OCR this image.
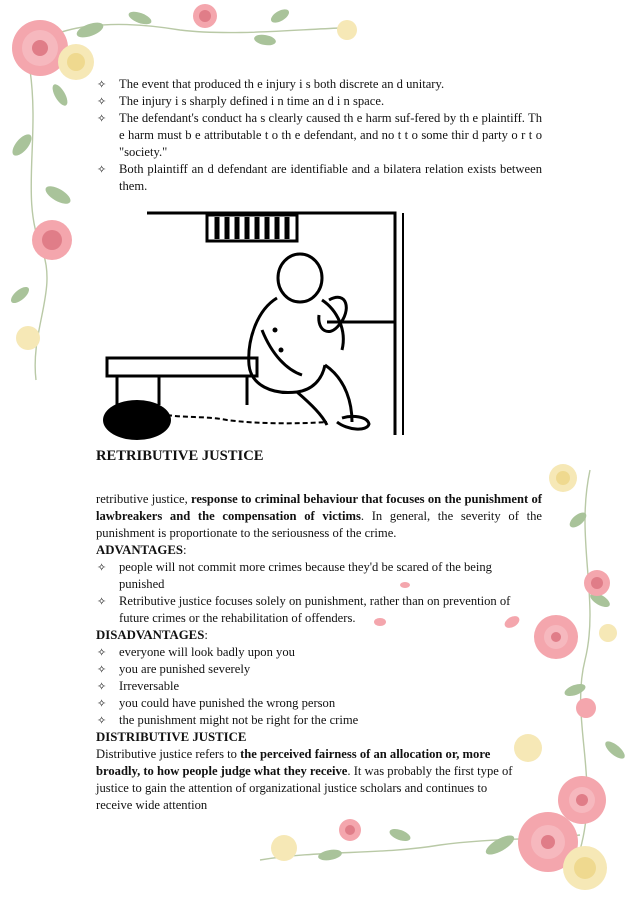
✧ The event that produced th e injury i s both discrete an d unitary.
✧ The injury i s sharply defined i n time an d i n space.
✧ The defendant's conduct ha s clearly caused th e harm suf-fered by th e plaintiff. Th e harm must b e attributable t o th e defendant, and no t t o some thir d party o r t o "society."
✧ Both plaintiff an d defendant are identifiable and a bilatera relation exists between them.

RETRIBUTIVE JUSTICE

retributive justice, response to criminal behaviour that focuses on the punishment of lawbreakers and the compensation of victims. In general, the severity of the punishment is proportionate to the seriousness of the crime.

ADVANTAGES:

✧ people will not commit more crimes because they'd be scared of the being punished
✧ Retributive justice focuses solely on punishment, rather than on prevention of future crimes or the rehabilitation of offenders.

DISADVANTAGES:

✧ everyone will look badly upon you
✧ you are punished severely
✧ Irreversable
✧ you could have punished the wrong person
✧ the punishment might not be right for the crime

DISTRIBUTIVE JUSTICE

Distributive justice refers to the perceived fairness of an allocation or, more broadly, to how people judge what they receive. It was probably the first type of justice to gain the attention of organizational justice scholars and continues to receive wide attention
